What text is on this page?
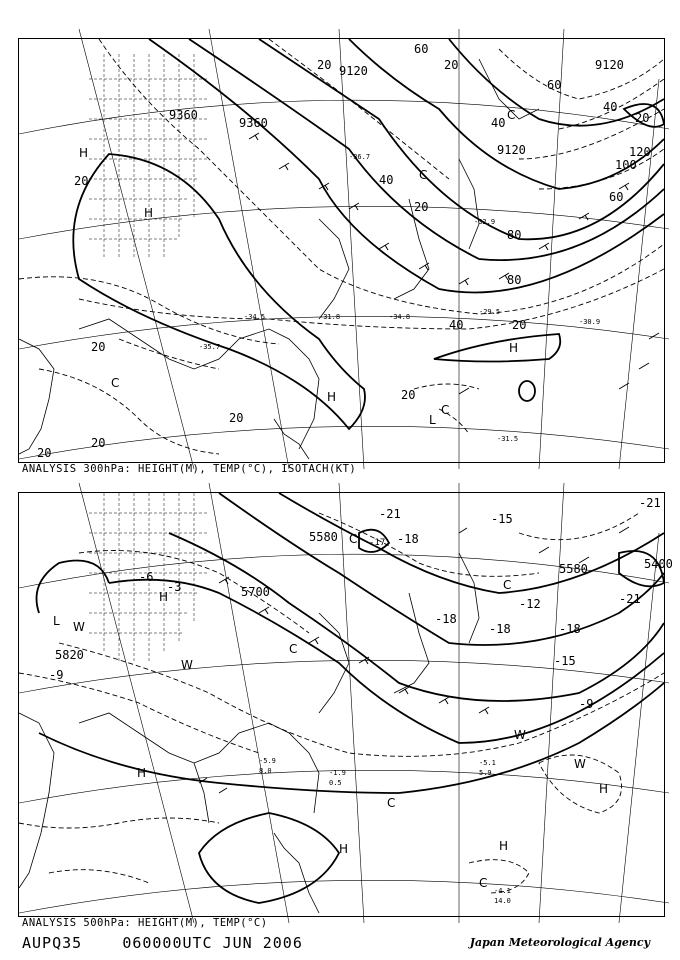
9120	9120
9120
9360
9360
20
20
20
20
20
20
20
20
20
20
40
40
40
40
60
60
60
80
80
100
120
20
H
H
H
H
L
C
C
C
C
-31.5
-30.9
-29.5
-32.9
-31.8
-34.5
-35.7
-34.8
-36.7
ANALYSIS 300hPa: HEIGHT(M), TEMP(°C), ISOTACH(KT)
5580
5580
5700
5820
5400
-21
-21
-18
-18
-18	-18
-15
-15
-12
-9
-9
-6
-3
-21
H
H	H
H
H
L W
W
W
W
C
C
C
C
C -17
-4.1
14.0
-5.1
5.9
-5.9
8.0	-1.9
0.5
ANALYSIS 500hPa: HEIGHT(M), TEMP(°C)
AUPQ35	060000UTC JUN 2006	Japan Meteorological Agency
